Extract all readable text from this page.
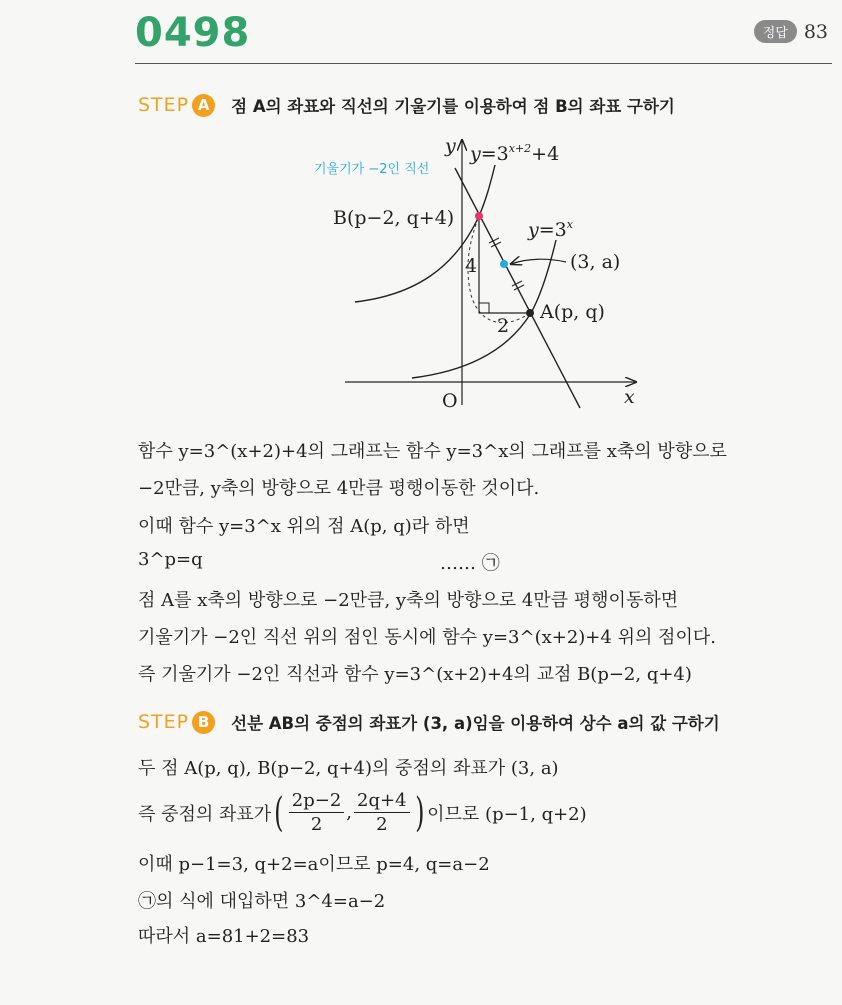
0498	정답 83
STEP A	점 A의 좌표와 직선의 기울기를 이용하여 점 B의 좌표 구하기
y
x
O
$y=3^{x+2}+4$
$y=3^x$
기울기가 −2인 직선
B(p−2, q+4)
A(p, q)
(3, a)
4
2
함수 y=3^(x+2)+4의 그래프는 함수 y=3^x의 그래프를 x축의 방향으로
−2만큼, y축의 방향으로 4만큼 평행이동한 것이다.
이때 함수 y=3^x 위의 점 A(p, q)라 하면
3^p=q	…… ㉠
점 A를 x축의 방향으로 −2만큼, y축의 방향으로 4만큼 평행이동하면
기울기가 −2인 직선 위의 점인 동시에 함수 y=3^(x+2)+4 위의 점이다.
즉 기울기가 −2인 직선과 함수 y=3^(x+2)+4의 교점 B(p−2, q+4)
STEP B	선분 AB의 중점의 좌표가 (3, a)임을 이용하여 상수 a의 값 구하기
두 점 A(p, q), B(p−2, q+4)의 중점의 좌표가 (3, a)
즉 중점의 좌표가 ( $\frac{2p-2}{2}$ , $\frac{2q+4}{2}$ ) 이므로 (p−1, q+2)
이때 p−1=3, q+2=a이므로 p=4, q=a−2
㉠의 식에 대입하면 3^4=a−2
따라서 a=81+2=83
